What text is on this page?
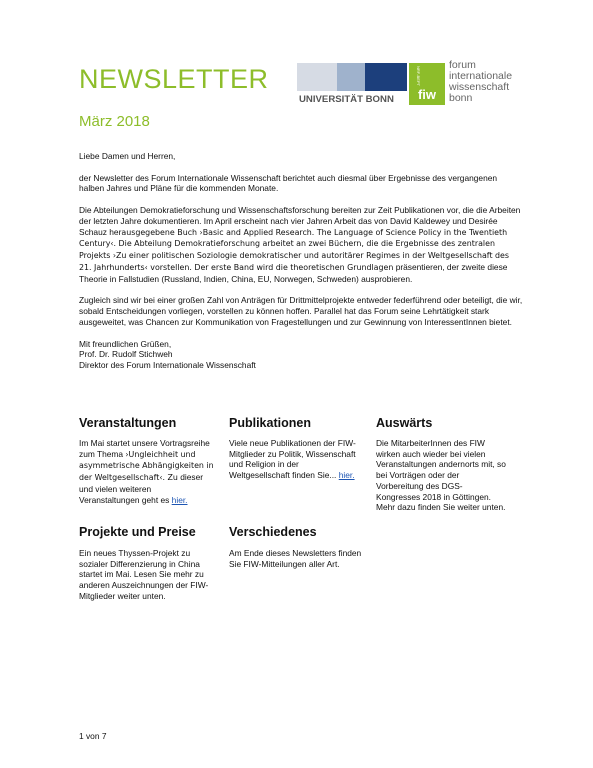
NEWSLETTER
März 2018
UNIVERSITÄT BONN fiw
NRF-BEPT
forum
internationale
wissenschaft
bonn

Liebe Damen und Herren,

der Newsletter des Forum Internationale Wissenschaft berichtet auch diesmal über Ergebnisse des vergangenen halben Jahres und Pläne für die kommenden Monate.

Die Abteilungen Demokratieforschung und Wissenschaftsforschung bereiten zur Zeit Publikationen vor, die die Arbeiten der letzten Jahre dokumentieren. Im April erscheint nach vier Jahren Arbeit das von David Kaldewey und Desirée Schauz herausgegebene Buch ›Basic and Applied Research. The Language of Science Policy in the Twentieth Century‹. Die Abteilung Demokratieforschung arbeitet an zwei Büchern, die die Ergebnisse des zentralen Projekts ›Zu einer politischen Soziologie demokratischer und autoritärer Regimes in der Weltgesellschaft des 21. Jahrhunderts‹ vorstellen. Der erste Band wird die theoretischen Grundlagen präsentieren, der zweite diese Theorie in Fallstudien (Russland, Indien, China, EU, Norwegen, Schweden) ausprobieren.

Zugleich sind wir bei einer großen Zahl von Anträgen für Drittmittelprojekte entweder federführend oder beteiligt, die wir, sobald Entscheidungen vorliegen, vorstellen zu können hoffen. Parallel hat das Forum seine Lehrtätigkeit stark ausgeweitet, was Chancen zur Kommunikation von Fragestellungen und zur Gewinnung von InteressentInnen bietet.

Mit freundlichen Grüßen,
Prof. Dr. Rudolf Stichweh
Direktor des Forum Internationale Wissenschaft
Veranstaltungen
Im Mai startet unsere Vortragsreihe zum Thema ›Ungleichheit und asymmetrische Abhängigkeiten in der Weltgesellschaft‹. Zu dieser und vielen weiteren Veranstaltungen geht es hier.
Publikationen
Viele neue Publikationen der FIW-Mitglieder zu Politik, Wissenschaft und Religion in der Weltgesellschaft finden Sie... hier.
Auswärts
Die MitarbeiterInnen des FIW wirken auch wieder bei vielen Veranstaltungen andernorts mit, so bei Vorträgen oder der Vorbereitung des DGS-Kongresses 2018 in Göttingen. Mehr dazu finden Sie weiter unten.
Projekte und Preise
Ein neues Thyssen-Projekt zu sozialer Differenzierung in China startet im Mai. Lesen Sie mehr zu anderen Auszeichnungen der FIW-Mitglieder weiter unten.
Verschiedenes
Am Ende dieses Newsletters finden Sie FIW-Mitteilungen aller Art.
1 von 7
